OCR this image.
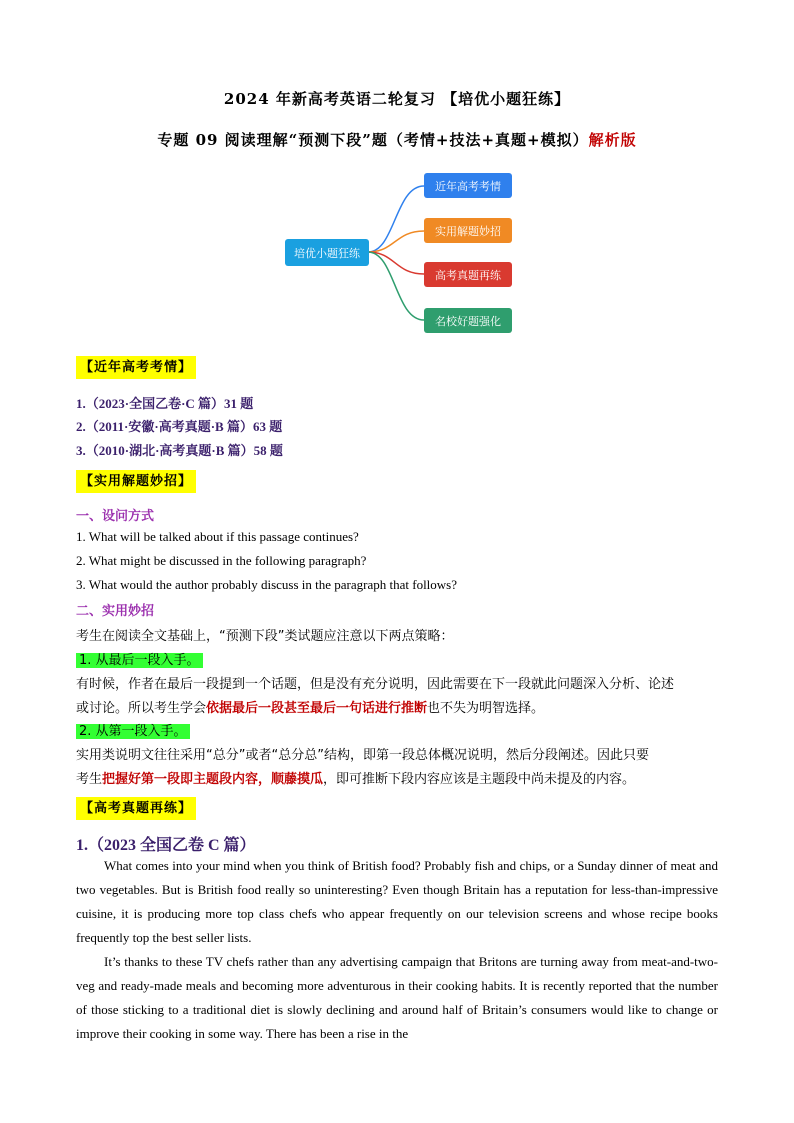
2024 年新高考英语二轮复习 【培优小题狂练】
专题 09 阅读理解“预测下段”题（考情+技法+真题+模拟）解析版
培优小题狂练
近年高考考情
实用解题妙招
高考真题再练
名校好题强化
【近年高考考情】
1.（2023·全国乙卷·C 篇）31 题
2.（2011·安徽·高考真题·B 篇）63 题
3.（2010·湖北·高考真题·B 篇）58 题
【实用解题妙招】
一、设问方式
1. What will be talked about if this passage continues?
2. What might be discussed in the following paragraph?
3. What would the author probably discuss in the paragraph that follows?
二、实用妙招
考生在阅读全文基础上，“预测下段”类试题应注意以下两点策略：
1. 从最后一段入手。
有时候，作者在最后一段提到一个话题，但是没有充分说明，因此需要在下一段就此问题深入分析、论述
或讨论。所以考生学会依据最后一段甚至最后一句话进行推断也不失为明智选择。
2. 从第一段入手。
实用类说明文往往采用“总分”或者“总分总”结构，即第一段总体概况说明，然后分段阐述。因此只要
考生把握好第一段即主题段内容，顺藤摸瓜，即可推断下段内容应该是主题段中尚未提及的内容。
【高考真题再练】
1.（2023 全国乙卷 C 篇）
What comes into your mind when you think of British food? Probably fish and chips, or a Sunday dinner of meat and two vegetables. But is British food really so uninteresting? Even though Britain has a reputation for less-than-impressive cuisine, it is producing more top class chefs who appear frequently on our television screens and whose recipe books frequently top the best seller lists.
It’s thanks to these TV chefs rather than any advertising campaign that Britons are turning away from meat-and-two-veg and ready-made meals and becoming more adventurous in their cooking habits. It is recently reported that the number of those sticking to a traditional diet is slowly declining and around half of Britain’s consumers would like to change or improve their cooking in some way. There has been a rise in the
